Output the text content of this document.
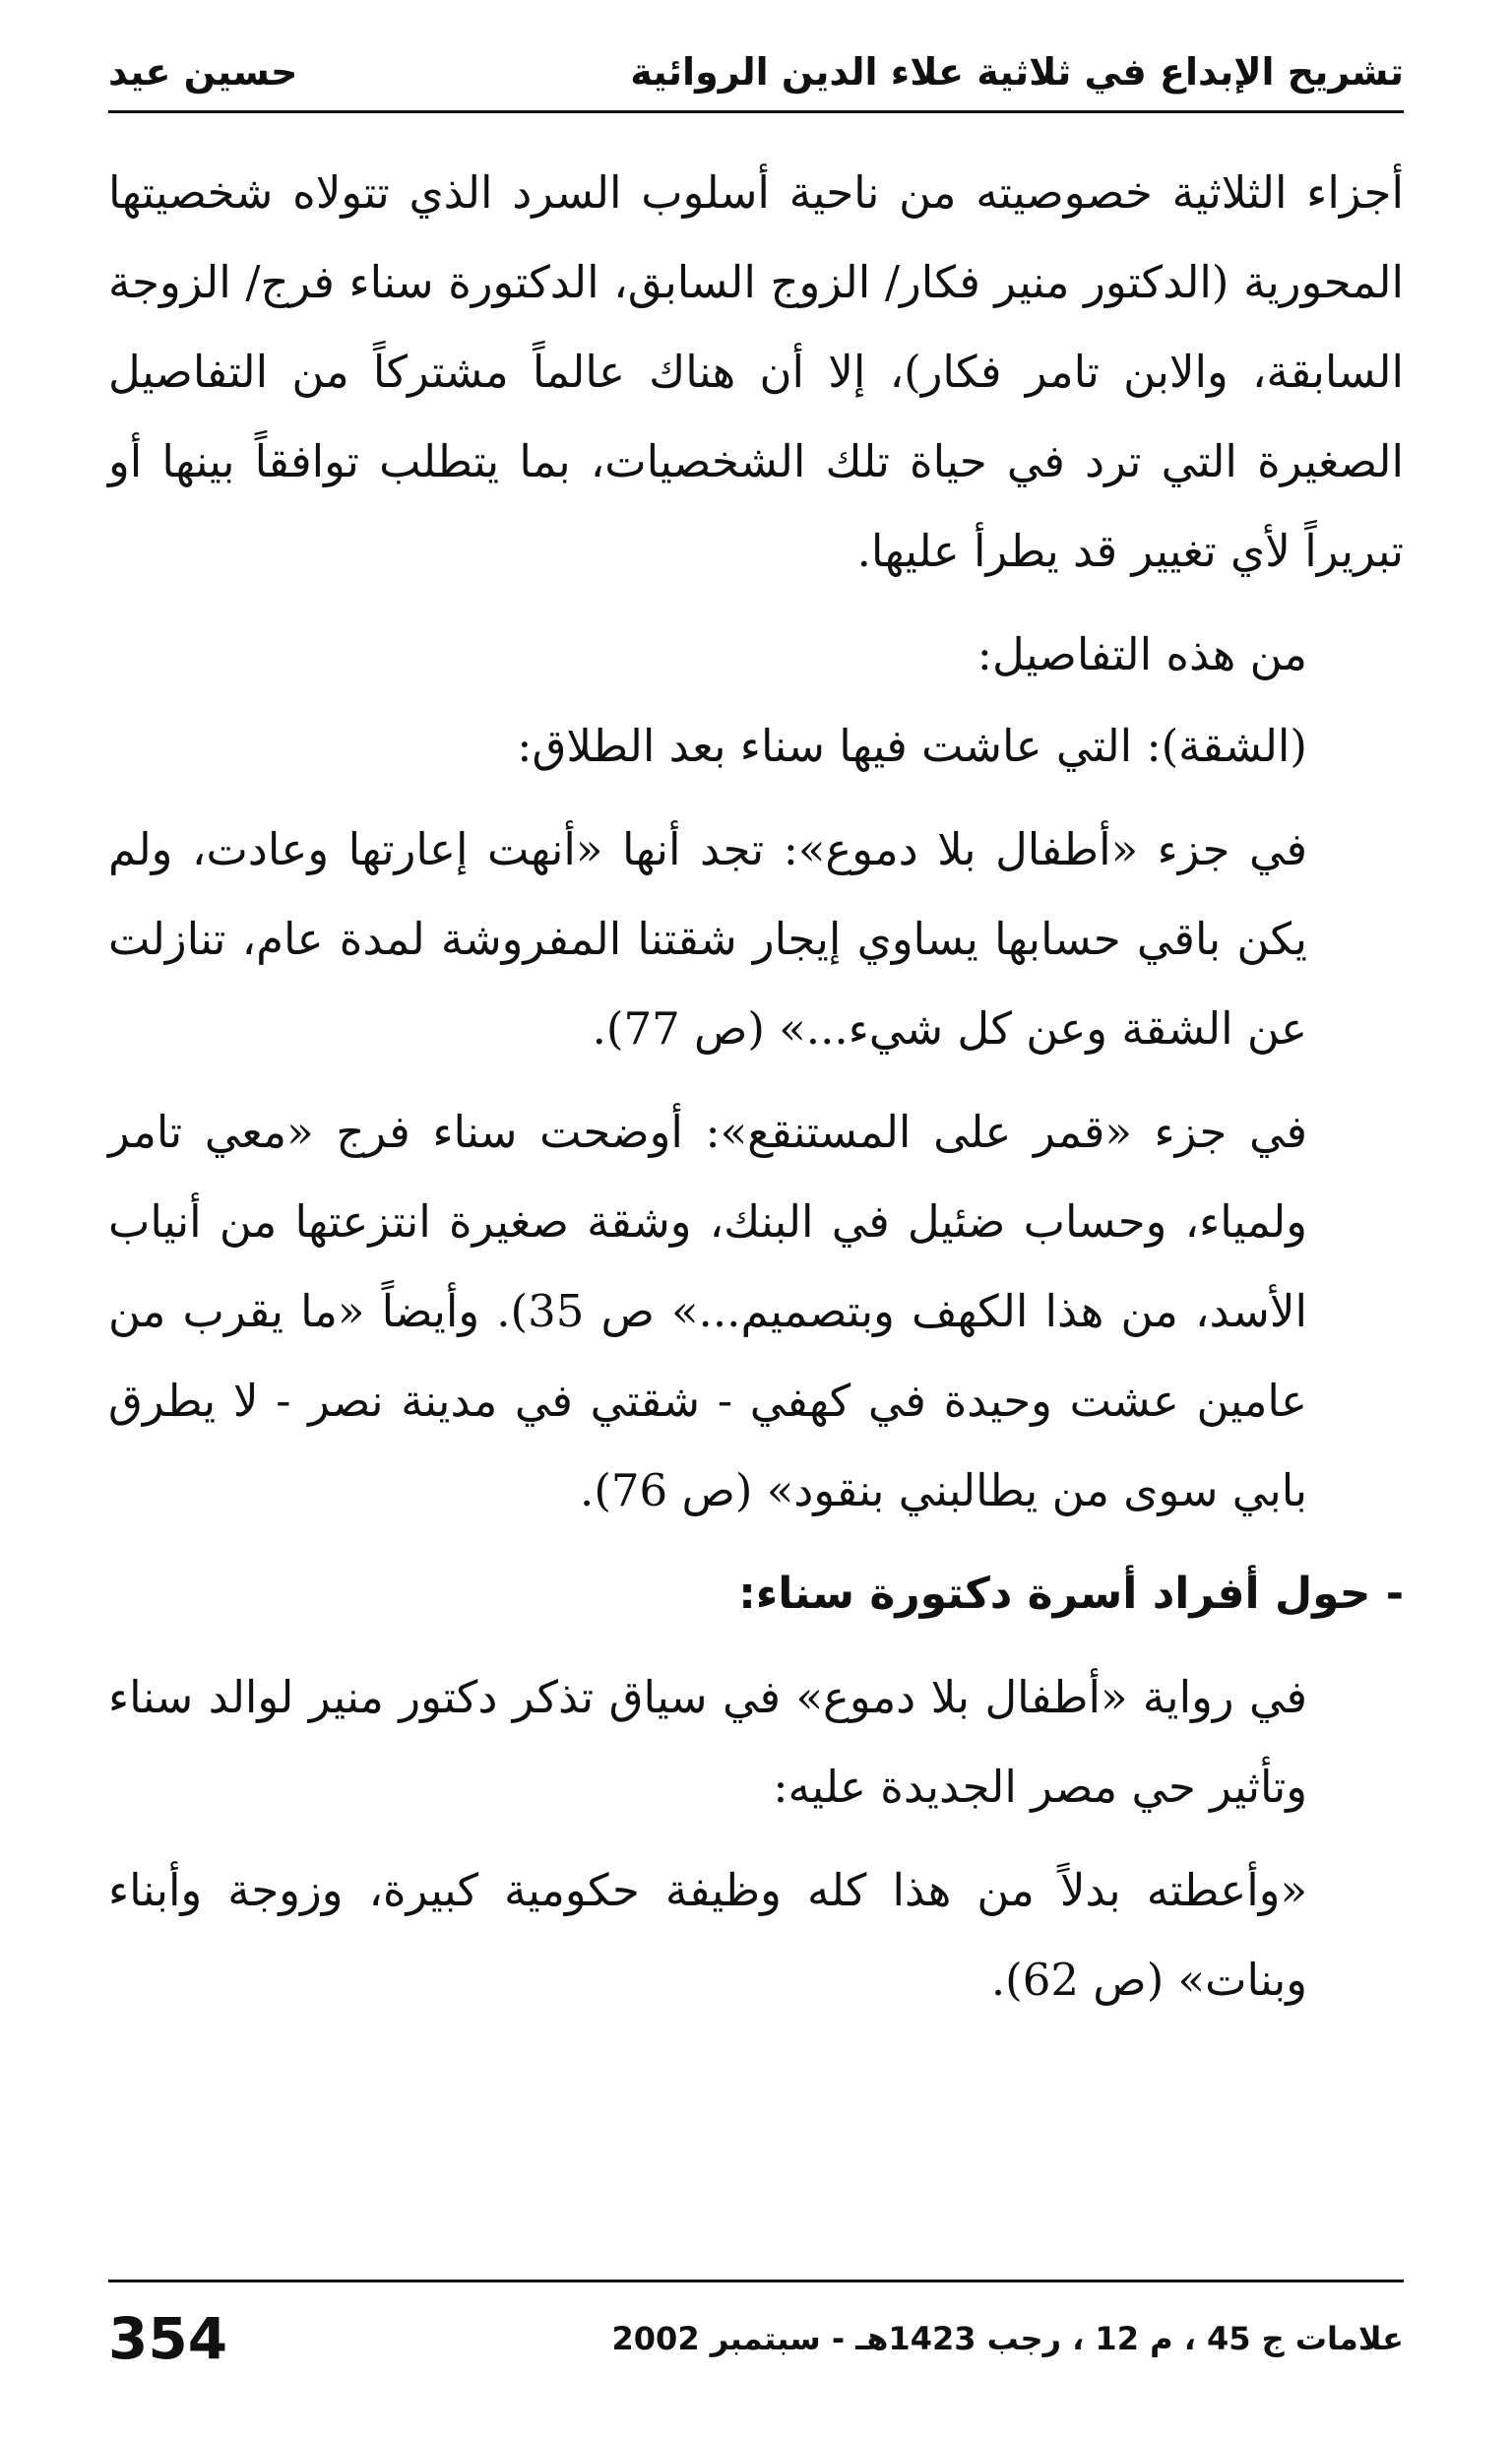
تشريح الإبداع في ثلاثية علاء الدين الروائية
حسين عيد

أجزاء الثلاثية خصوصيته من ناحية أسلوب السرد الذي تتولاه شخصيتها المحورية (الدكتور منير فكار/ الزوج السابق، الدكتورة سناء فرج/ الزوجة السابقة، والابن تامر فكار)، إلا أن هناك عالماً مشتركاً من التفاصيل الصغيرة التي ترد في حياة تلك الشخصيات، بما يتطلب توافقاً بينها أو تبريراً لأي تغيير قد يطرأ عليها.

من هذه التفاصيل:

(الشقة): التي عاشت فيها سناء بعد الطلاق:

في جزء «أطفال بلا دموع»: تجد أنها «أنهت إعارتها وعادت، ولم يكن باقي حسابها يساوي إيجار شقتنا المفروشة لمدة عام، تنازلت عن الشقة وعن كل شيء...» (ص 77).

في جزء «قمر على المستنقع»: أوضحت سناء فرج «معي تامر ولمياء، وحساب ضئيل في البنك، وشقة صغيرة انتزعتها من أنياب الأسد، من هذا الكهف وبتصميم...» ص 35). وأيضاً «ما يقرب من عامين عشت وحيدة في كهفي - شقتي في مدينة نصر - لا يطرق بابي سوى من يطالبني بنقود» (ص 76).

- حول أفراد أسرة دكتورة سناء:

في رواية «أطفال بلا دموع» في سياق تذكر دكتور منير لوالد سناء وتأثير حي مصر الجديدة عليه:

«وأعطته بدلاً من هذا كله وظيفة حكومية كبيرة، وزوجة وأبناء وبنات» (ص 62).

علامات ج 45 ، م 12 ، رجب 1423هـ - سبتمبر 2002
354
